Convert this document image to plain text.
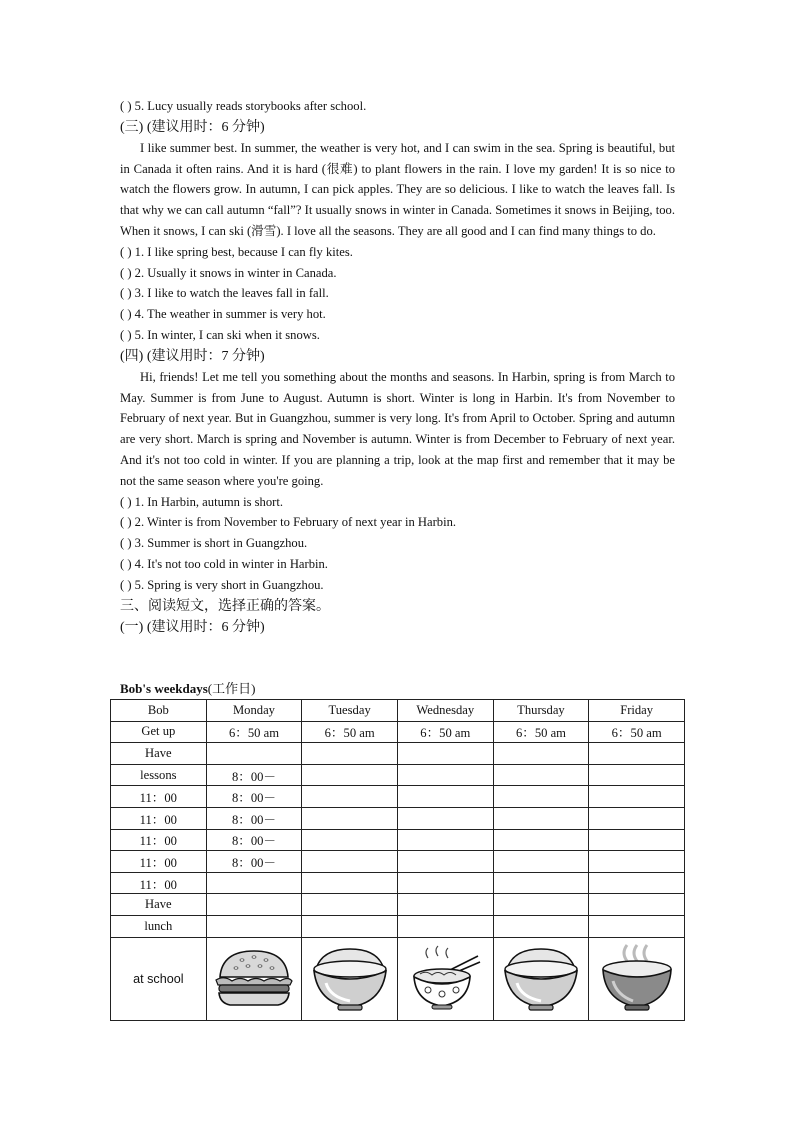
( ) 5. Lucy usually reads storybooks after school.
(三) (建议用时：6 分钟)
I like summer best. In summer, the weather is very hot, and I can swim in the sea. Spring is beautiful, but in Canada it often rains. And it is hard (很难) to plant flowers in the rain. I love my garden! It is so nice to watch the flowers grow. In autumn, I can pick apples. They are so delicious. I like to watch the leaves fall. Is that why we can call autumn “fall”? It usually snows in winter in Canada. Sometimes it snows in Beijing, too. When it snows, I can ski (滑雪). I love all the seasons. They are all good and I can find many things to do.
( ) 1. I like spring best, because I can fly kites.
( ) 2. Usually it snows in winter in Canada.
( ) 3. I like to watch the leaves fall in fall.
( ) 4. The weather in summer is very hot.
( ) 5. In winter, I can ski when it snows.
(四) (建议用时：7 分钟)
Hi, friends! Let me tell you something about the months and seasons. In Harbin, spring is from March to May. Summer is from June to August. Autumn is short. Winter is long in Harbin. It's from November to February of next year. But in Guangzhou, summer is very long. It's from April to October. Spring and autumn are very short. March is spring and November is autumn. Winter is from December to February of next year. And it's not too cold in winter. If you are planning a trip, look at the map first and remember that it may be not the same season where you're going.
( ) 1. In Harbin, autumn is short.
( ) 2. Winter is from November to February of next year in Harbin.
( ) 3. Summer is short in Guangzhou.
( ) 4. It's not too cold in winter in Harbin.
( ) 5. Spring is very short in Guangzhou.
三、阅读短文，选择正确的答案。
(一) (建议用时：6 分钟)
Bob's weekdays(工作日)
Bob	Monday	Tuesday	Wednesday	Thursday	Friday
Get up	6：50 am	6：50 am	6：50 am	6：50 am	6：50 am
Have					
lessons	8：00－				
11：00	8：00－				
11：00	8：00－				
11：00	8：00－				
11：00	8：00－				
11：00					
Have					
lunch					
at school	
